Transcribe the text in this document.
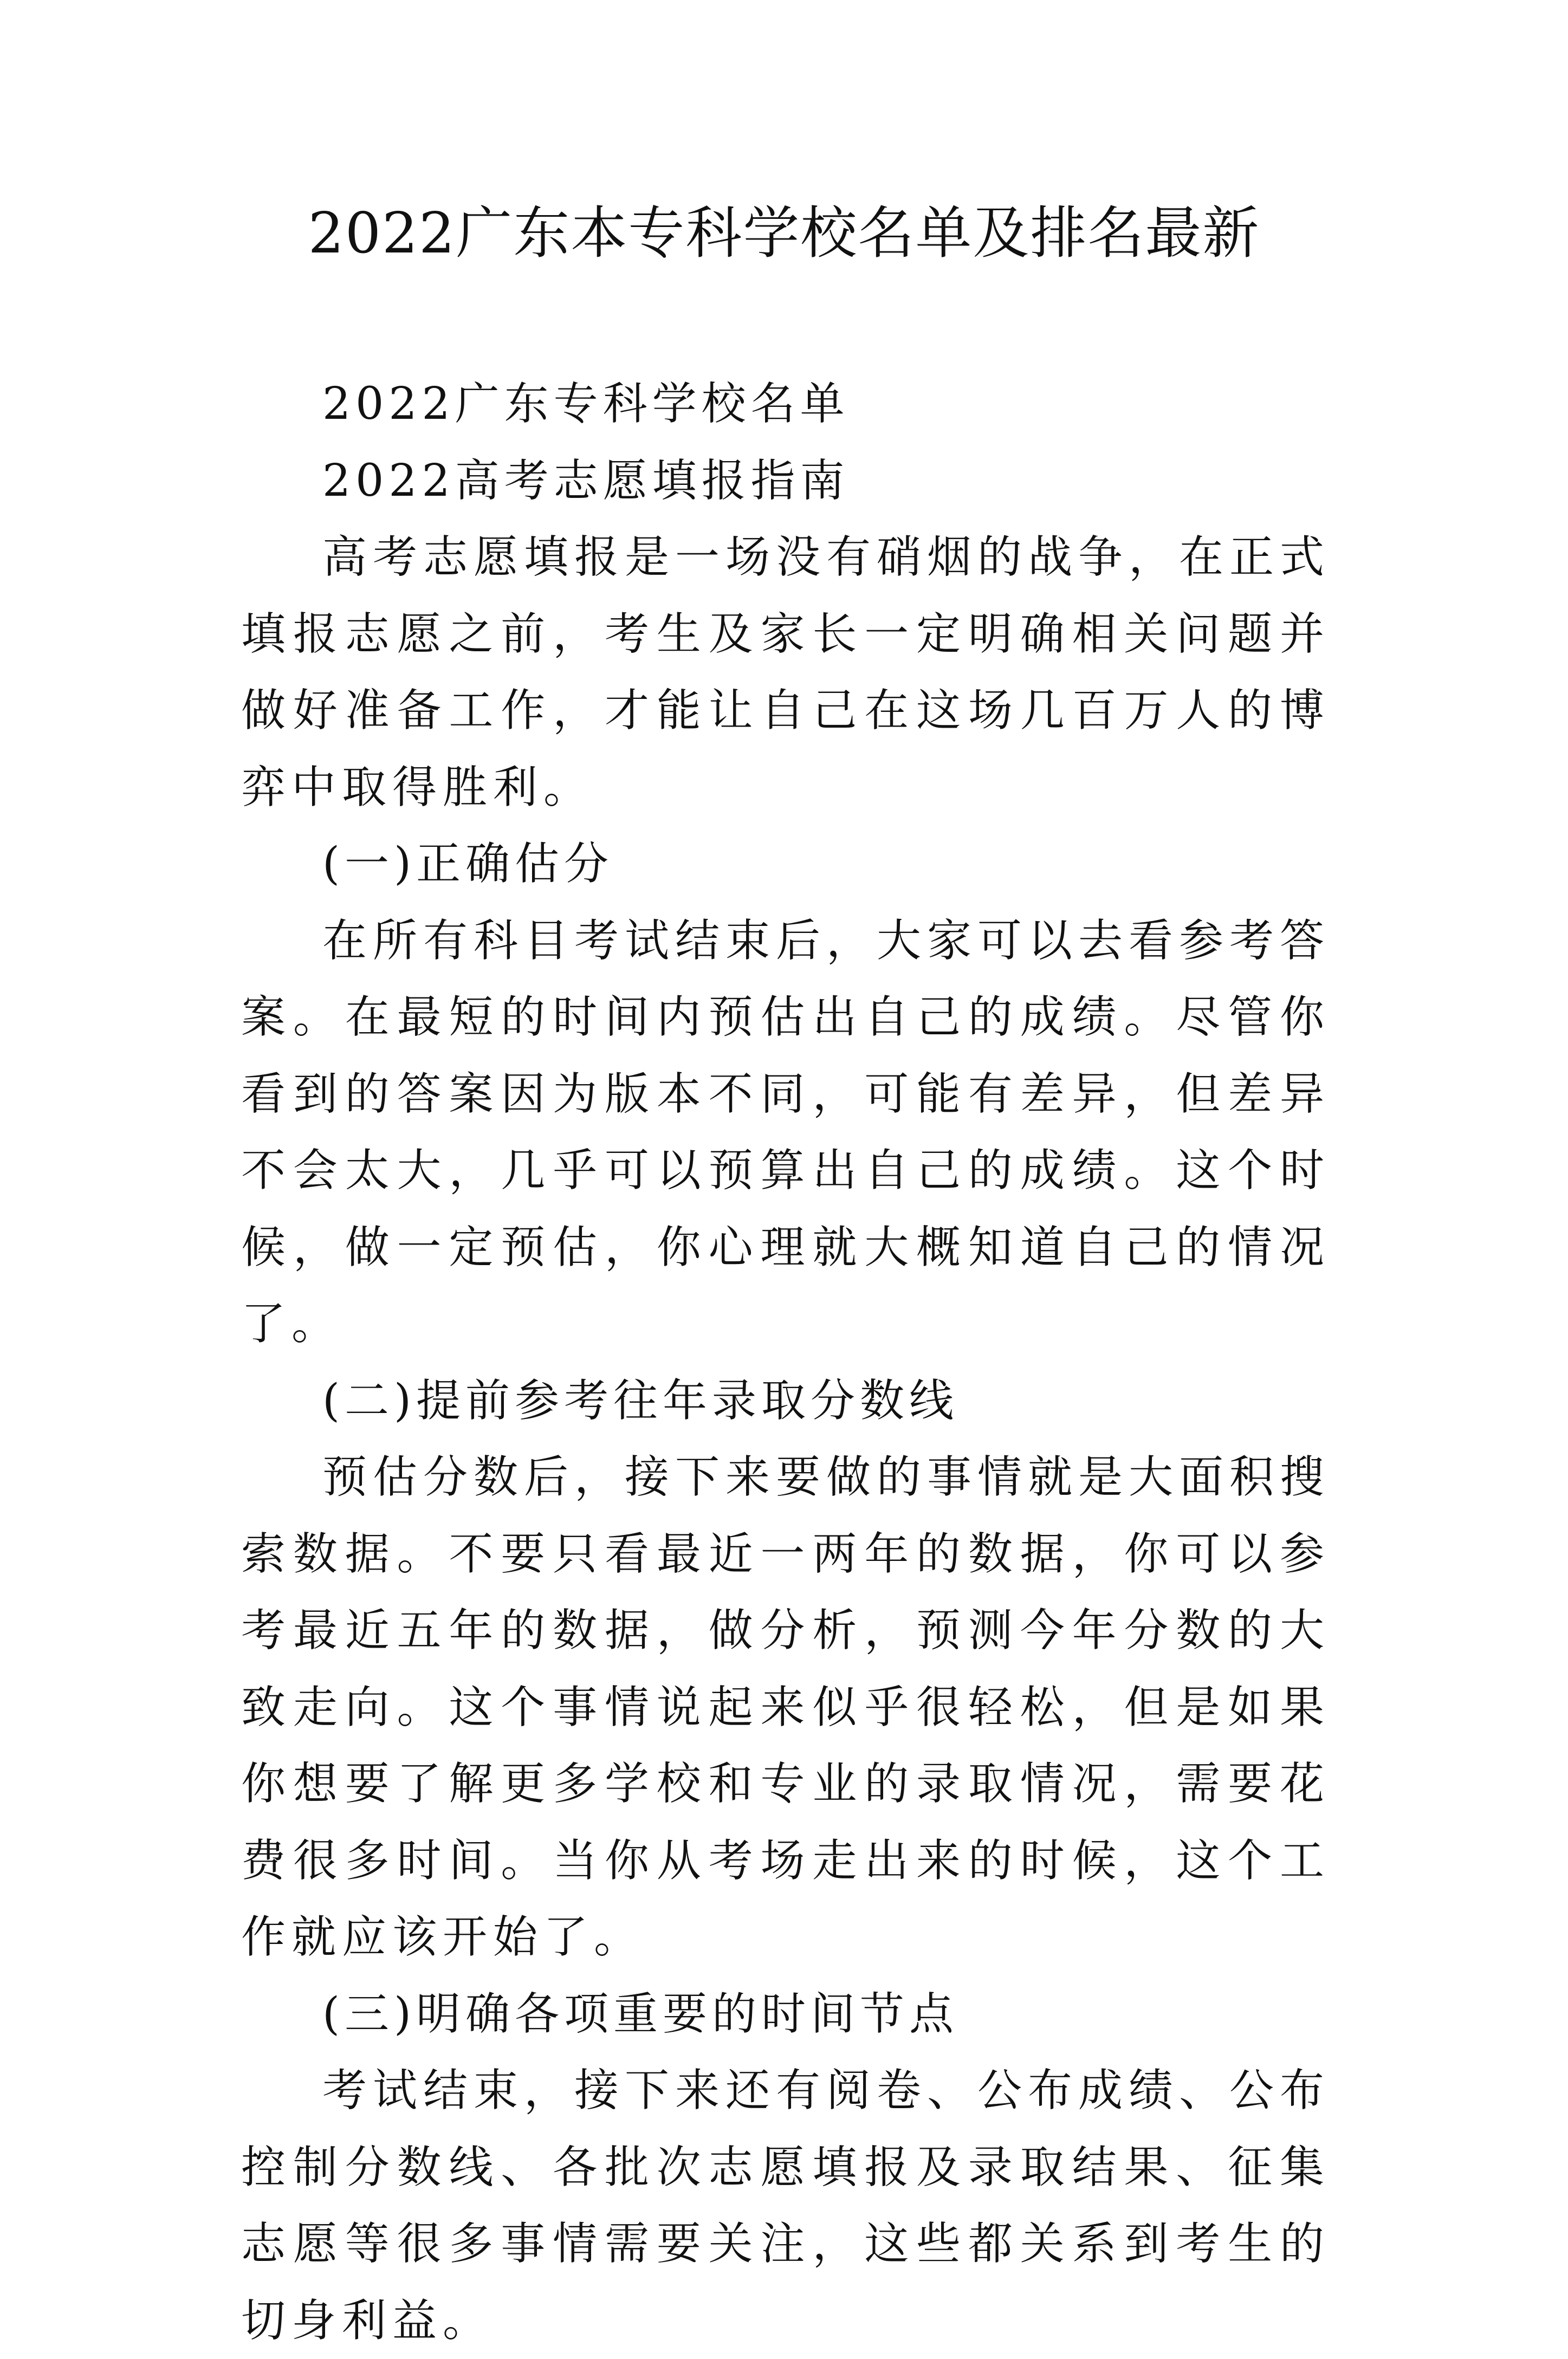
2022广东本专科学校名单及排名最新

2022广东专科学校名单

2022高考志愿填报指南

高考志愿填报是一场没有硝烟的战争，在正式填报志愿之前，考生及家长一定明确相关问题并做好准备工作，才能让自己在这场几百万人的博弈中取得胜利。

(一)正确估分

在所有科目考试结束后，大家可以去看参考答案。在最短的时间内预估出自己的成绩。尽管你看到的答案因为版本不同，可能有差异，但差异不会太大，几乎可以预算出自己的成绩。这个时候，做一定预估，你心理就大概知道自己的情况了。

(二)提前参考往年录取分数线

预估分数后，接下来要做的事情就是大面积搜索数据。不要只看最近一两年的数据，你可以参考最近五年的数据，做分析，预测今年分数的大致走向。这个事情说起来似乎很轻松，但是如果你想要了解更多学校和专业的录取情况，需要花费很多时间。当你从考场走出来的时候，这个工作就应该开始了。

(三)明确各项重要的时间节点

考试结束，接下来还有阅卷、公布成绩、公布控制分数线、各批次志愿填报及录取结果、征集志愿等很多事情需要关注，这些都关系到考生的切身利益。
